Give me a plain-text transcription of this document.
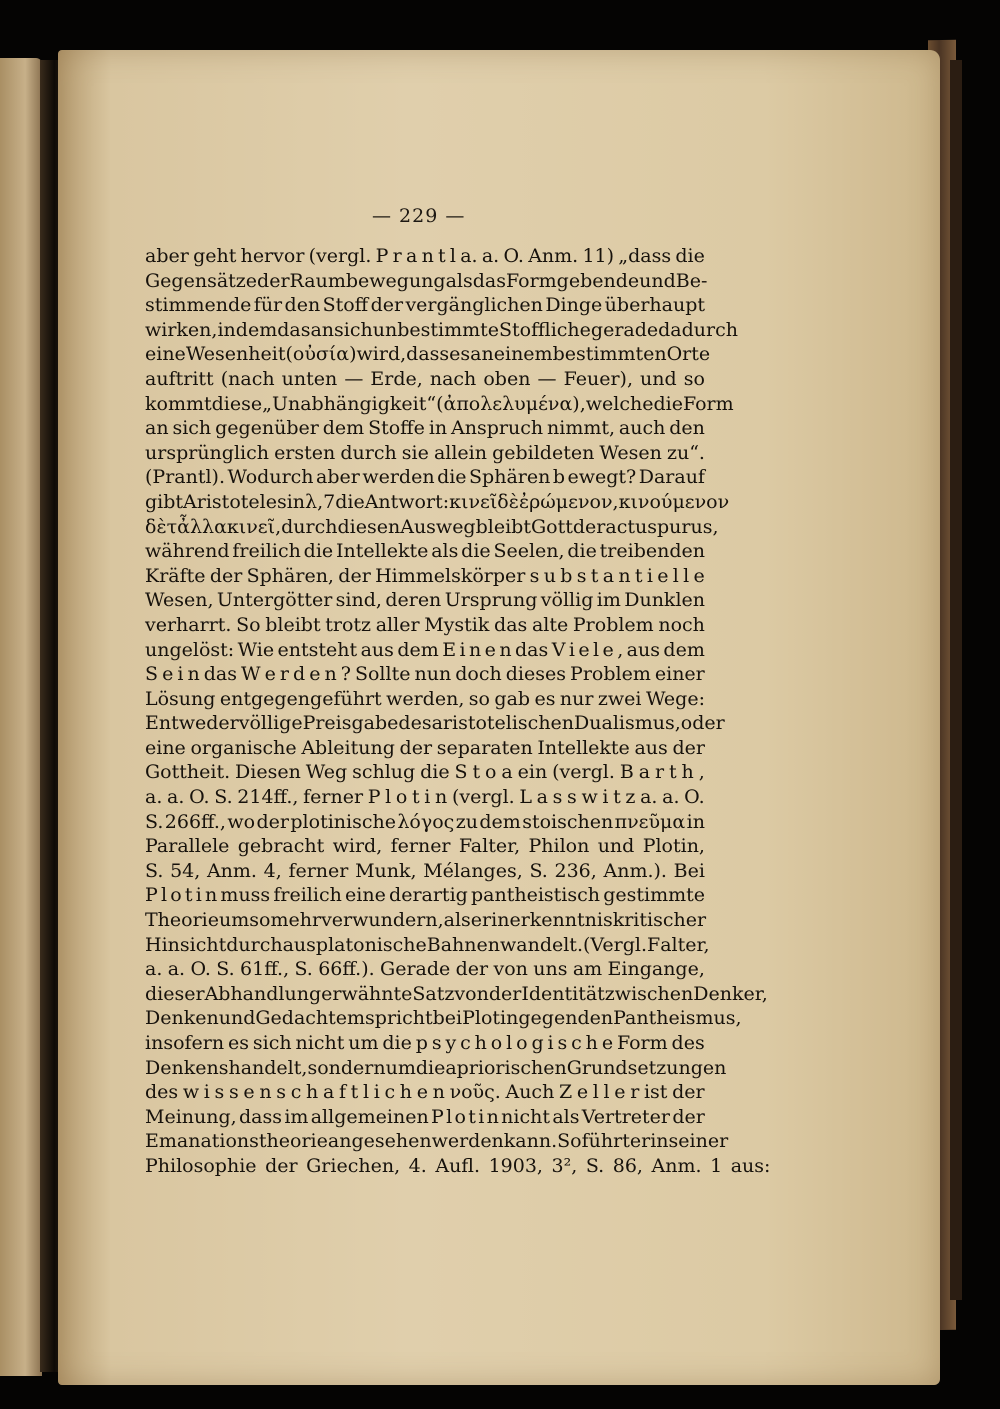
— 229 —
aber geht hervor (vergl. P r a n t l a. a. O. Anm. 11) „dass die
Gegensätze der Raumbewegung als das Formgebende und Be-
stimmende für den Stoff der vergänglichen Dinge überhaupt
wirken, indem das an sich unbestimmte Stoffliche gerade dadurch
eine Wesenheit (οὐσία) wird, dass es an einem bestimmten Orte
auftritt (nach unten — Erde, nach oben — Feuer), und so
kommt diese „Unabhängigkeit“ (ἀπολελυμένα), welche die Form
an sich gegenüber dem Stoffe in Anspruch nimmt, auch den
ursprünglich ersten durch sie allein gebildeten Wesen zu“.
(Prantl). Wodurch aber werden die Sphären b ewegt? Darauf
gibt Aristoteles in λ, 7 die Antwort: κινεῖ δὲ ἐρώμενον, κινούμενον
δὲ τἆλλα κινεῖ, durch diesen Ausweg bleibt Gott der a c t u s p u r u s,
während freilich die Intellekte als die Seelen, die treibenden
Kräfte der Sphären, der Himmelskörper s u b s t a n t i e l l e
Wesen, Untergötter sind, deren Ursprung völlig im Dunklen
verharrt. So bleibt trotz aller Mystik das alte Problem noch
ungelöst: Wie entsteht aus dem E i n e n das V i e l e , aus dem
S e i n das W e r d e n ? Sollte nun doch dieses Problem einer
Lösung entgegengeführt werden, so gab es nur zwei Wege:
Entweder völlige Preisgabe des aristotelischen Dualismus, oder
eine organische Ableitung der separaten Intellekte aus der
Gottheit. Diesen Weg schlug die S t o a ein (vergl. B a r t h ,
a. a. O. S. 214ff., ferner P l o t i n (vergl. L a s s w i t z a. a. O.
S. 266ff., wo der plotinische λόγος zu dem stoischen πνεῦμα in
Parallele gebracht wird, ferner Falter, Philon und Plotin,
S. 54, Anm. 4, ferner Munk, Mélanges, S. 236, Anm.). Bei
P l o t i n muss freilich eine derartig pantheistisch gestimmte
Theorie um so mehr verwundern, als er in erkenntniskritischer
Hinsicht durchaus platonische Bahnen wandelt. (Vergl. F a l t e r,
a. a. O. S. 61ff., S. 66ff.). Gerade der von uns am Eingange,
dieser Abhandlung erwähnte Satz von der Identität zwischen Denker,
Denken und Gedachtem spricht bei Plotin gegen den Pantheismus,
insofern es sich nicht um die p s y c h o l o g i s c h e Form des
Denkens handelt, sondern um die apriorischen Grundsetzungen
des w i s s e n s c h a f t l i c h e n νοῦς. Auch Z e l l e r ist der
Meinung, dass im allgemeinen P l o t i n nicht als Vertreter der
Emanationstheorie angesehen werden kann. So führt er in seiner
Philosophie der Griechen, 4. Aufl. 1903, 3², S. 86, Anm. 1 aus:
